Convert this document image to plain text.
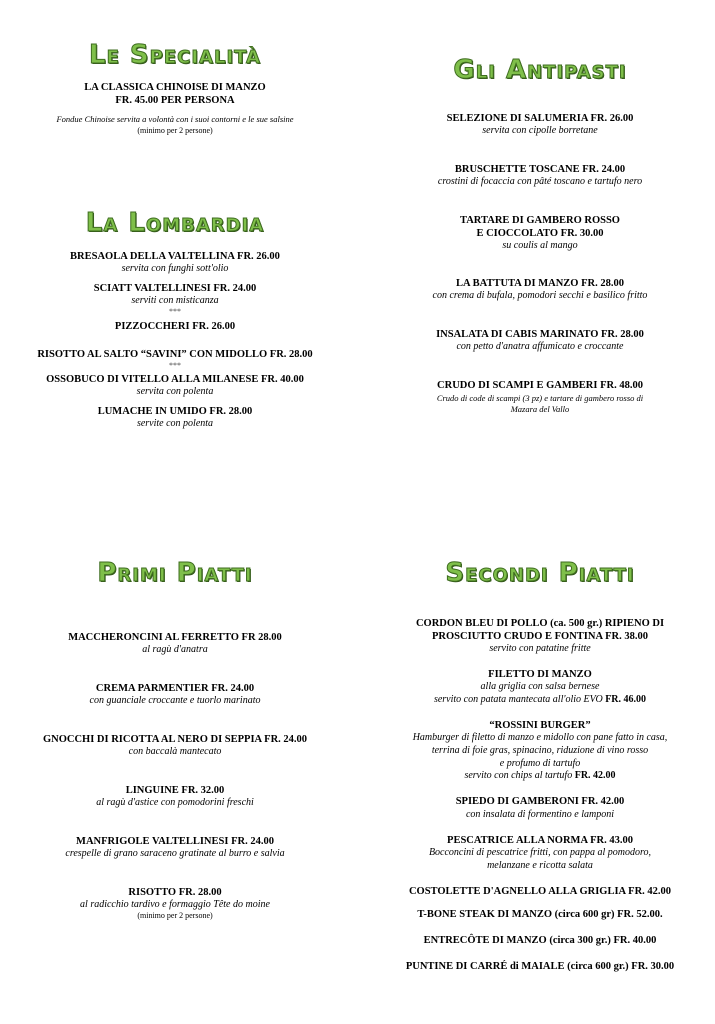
Le Specialità
LA CLASSICA CHINOISE DI MANZO
FR. 45.00 PER PERSONA
Fondue Chinoise servita a volontà con i suoi contorni e le sue salsine
(minimo per 2 persone)
La Lombardia
BRESAOLA DELLA VALTELLINA FR. 26.00
servita con funghi sott'olio
SCIATT VALTELLINESI FR. 24.00
serviti con misticanza
***
PIZZOCCHERI FR. 26.00
RISOTTO AL SALTO “SAVINI” CON MIDOLLO FR. 28.00
***
OSSOBUCO DI VITELLO ALLA MILANESE FR. 40.00
servita con polenta
LUMACHE IN UMIDO FR. 28.00
servite con polenta
Gli Antipasti
SELEZIONE DI SALUMERIA FR. 26.00
servita con cipolle borretane
BRUSCHETTE TOSCANE FR. 24.00
crostini di focaccia con pâté toscano e tartufo nero
TARTARE DI GAMBERO ROSSO
E CIOCCOLATO FR. 30.00
su coulis al mango
LA BATTUTA DI MANZO FR. 28.00
con crema di bufala, pomodori secchi e basilico fritto
INSALATA DI CABIS MARINATO FR. 28.00
con petto d'anatra affumicato e croccante
CRUDO DI SCAMPI E GAMBERI FR. 48.00
Crudo di code di scampi (3 pz) e tartare di gambero rosso di
Mazara del Vallo
Primi Piatti
MACCHERONCINI AL FERRETTO FR 28.00
al ragù d'anatra
CREMA PARMENTIER FR. 24.00
con guanciale croccante e tuorlo marinato
GNOCCHI DI RICOTTA AL NERO DI SEPPIA FR. 24.00
con baccalà mantecato
LINGUINE FR. 32.00
al ragù d'astice con pomodorini freschi
MANFRIGOLE VALTELLINESI FR. 24.00
crespelle di grano saraceno gratinate al burro e salvia
RISOTTO FR. 28.00
al radicchio tardivo e formaggio Tête do moine
(minimo per 2 persone)
Secondi Piatti
CORDON BLEU DI POLLO (ca. 500 gr.) RIPIENO DI
PROSCIUTTO CRUDO E FONTINA FR. 38.00
servito con patatine fritte
FILETTO DI MANZO
alla griglia con salsa bernese
servito con patata mantecata all'olio EVO FR. 46.00
“ROSSINI BURGER”
Hamburger di filetto di manzo e midollo con pane fatto in casa,
terrina di foie gras, spinacino, riduzione di vino rosso
e profumo di tartufo
servito con chips al tartufo FR. 42.00
SPIEDO DI GAMBERONI FR. 42.00
con insalata di formentino e lamponi
PESCATRICE ALLA NORMA FR. 43.00
Bocconcini di pescatrice fritti, con pappa al pomodoro,
melanzane e ricotta salata
COSTOLETTE D'AGNELLO ALLA GRIGLIA FR. 42.00
T-BONE STEAK DI MANZO (circa 600 gr) FR. 52.00.
ENTRECÔTE DI MANZO (circa 300 gr.) FR. 40.00
PUNTINE DI CARRÉ di MAIALE (circa 600 gr.) FR. 30.00
